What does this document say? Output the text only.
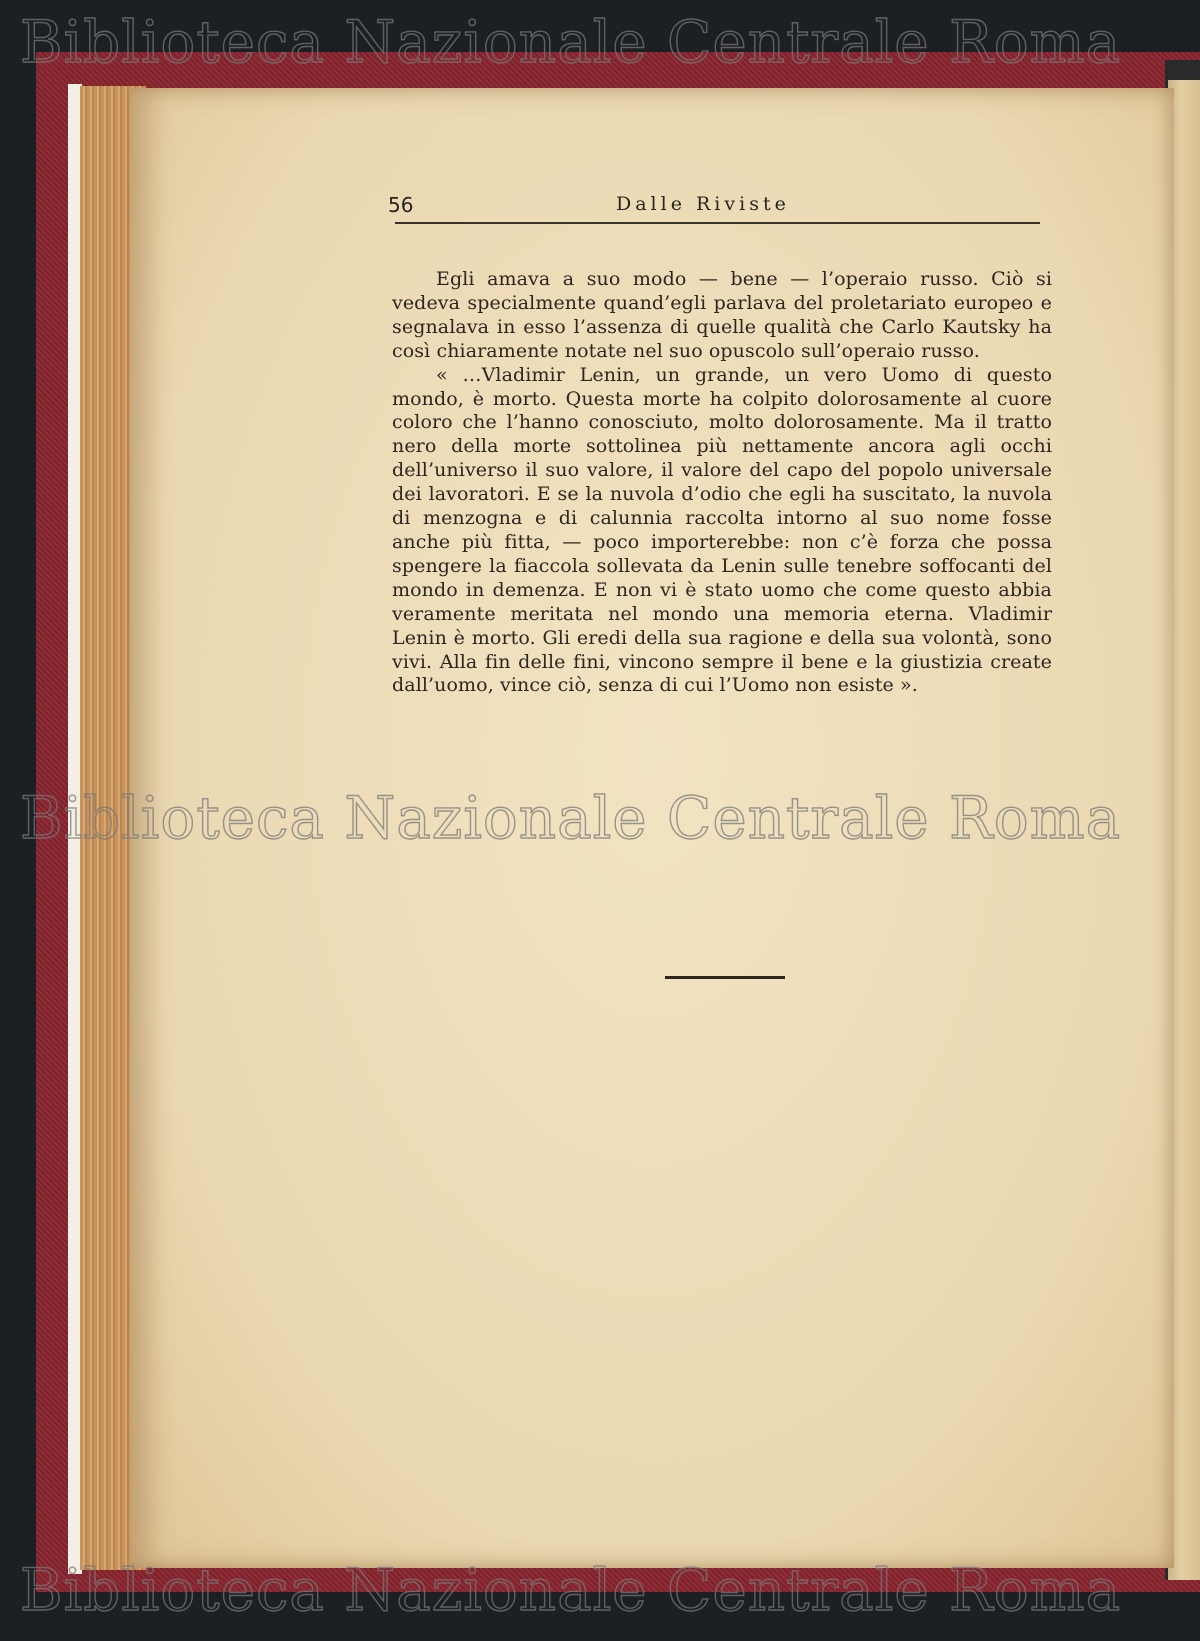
56	Dalle Riviste

Egli amava a suo modo — bene — l’operaio russo. Ciò si vedeva specialmente quand’egli parlava del proletariato europeo e segnalava in esso l’assenza di quelle qualità che Carlo Kautsky ha così chiaramente notate nel suo opuscolo sull’operaio russo.

« …Vladimir Lenin, un grande, un vero Uomo di questo mondo, è morto. Questa morte ha colpito dolorosamente al cuore coloro che l’hanno conosciuto, molto dolorosamente. Ma il tratto nero della morte sottolinea più nettamente ancora agli occhi dell’universo il suo valore, il valore del capo del popolo universale dei lavoratori. E se la nuvola d’odio che egli ha suscitato, la nuvola di menzogna e di calunnia raccolta intorno al suo nome fosse anche più fitta, — poco importerebbe: non c’è forza che possa spengere la fiaccola sollevata da Lenin sulle tenebre soffocanti del mondo in demenza. E non vi è stato uomo che come questo abbia veramente meritata nel mondo una memoria eterna. Vladimir Lenin è morto. Gli eredi della sua ragione e della sua volontà, sono vivi. Alla fin delle fini, vincono sempre il bene e la giustizia create dall’uomo, vince ciò, senza di cui l’Uomo non esiste ».

Biblioteca Nazionale Centrale Roma
